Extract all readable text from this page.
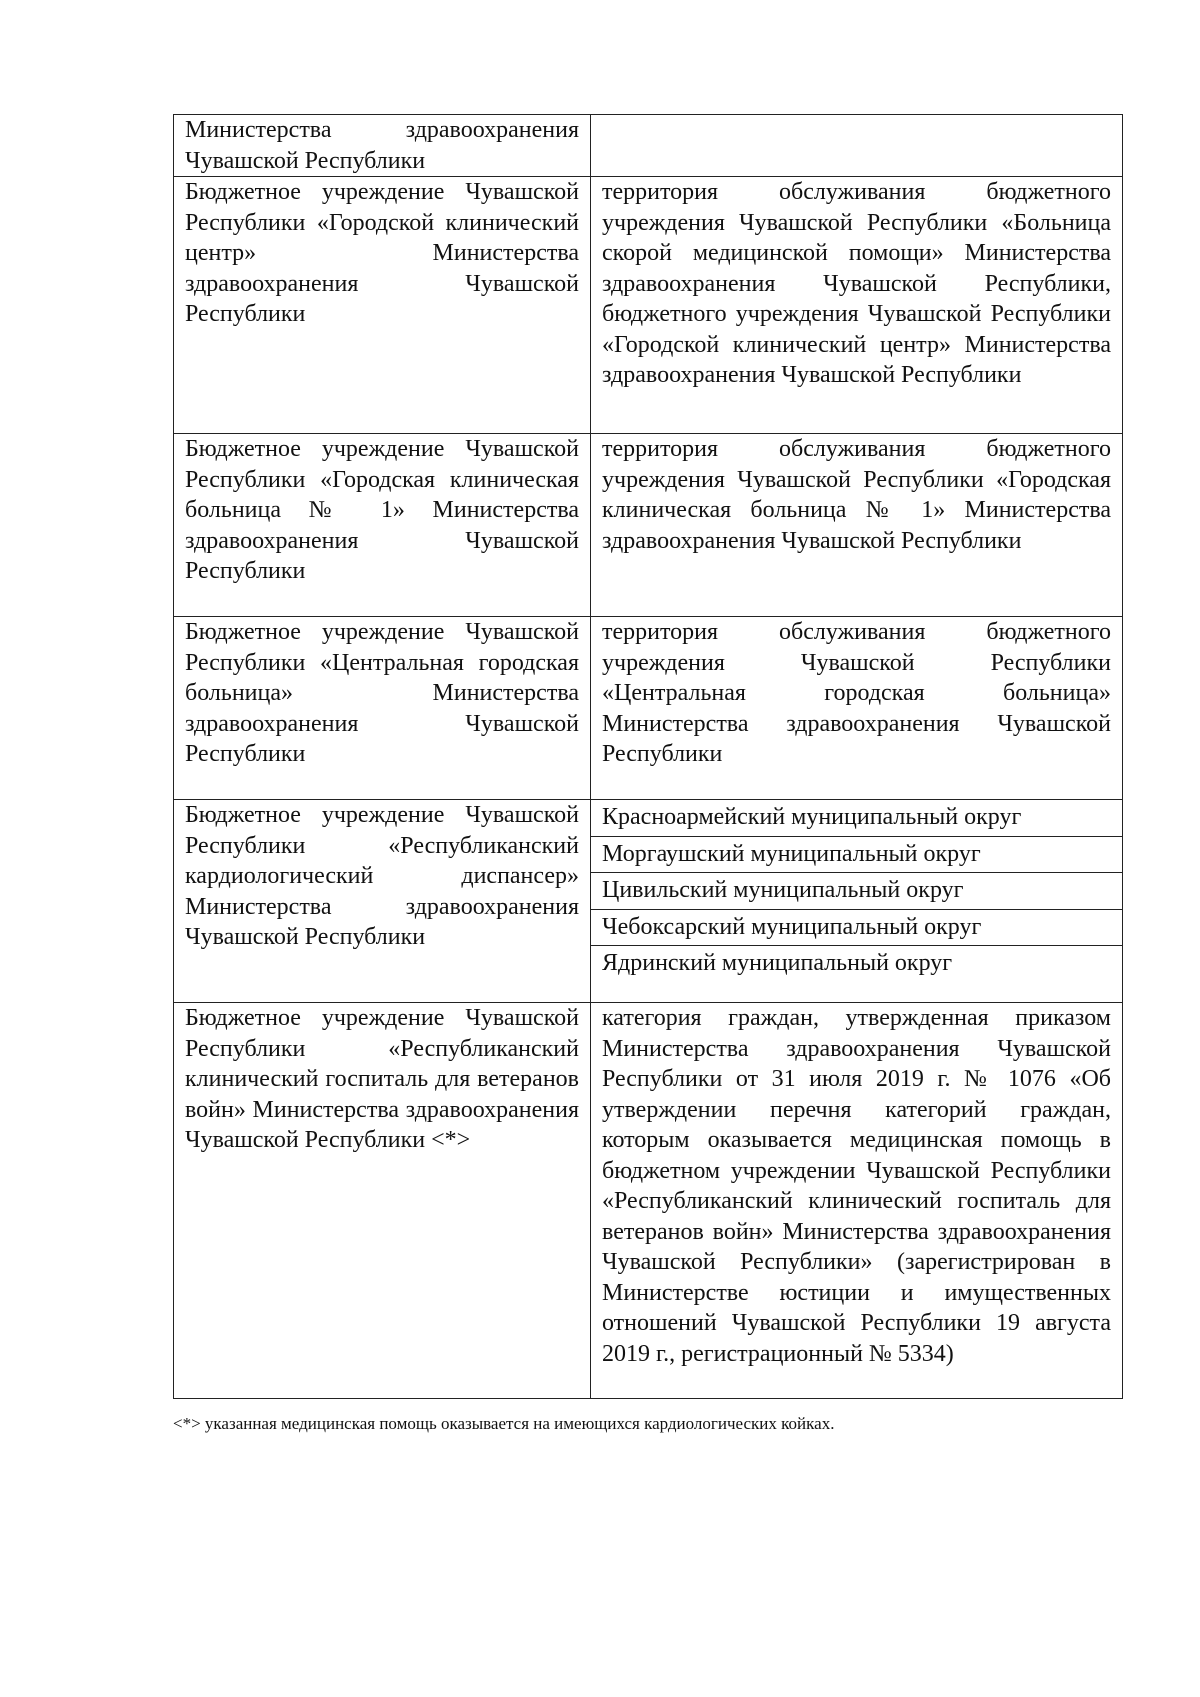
Министерства здравоохранения Чувашской Республики	
Бюджетное учреждение Чувашской Республики «Городской клинический центр» Министерства здравоохранения Чувашской Республики	территория обслуживания бюджетного учреждения Чувашской Республики «Больница скорой медицинской помощи» Министерства здравоохранения Чувашской Республики, бюджетного учреждения Чувашской Республики «Городской клинический центр» Министерства здравоохранения Чувашской Республики
Бюджетное учреждение Чувашской Республики «Городская клиническая больница № 1» Министерства здравоохранения Чувашской Республики	территория обслуживания бюджетного учреждения Чувашской Республики «Городская клиническая больница № 1» Министерства здравоохранения Чувашской Республики
Бюджетное учреждение Чувашской Республики «Центральная городская больница» Министерства здравоохранения Чувашской Республики	территория обслуживания бюджетного учреждения Чувашской Республики «Центральная городская больница» Министерства здравоохранения Чувашской Республики
Бюджетное учреждение Чувашской Республики «Республиканский кардиологический диспансер» Министерства здравоохранения Чувашской Республики	Красноармейский муниципальный округ
Моргаушский муниципальный округ
Цивильский муниципальный округ
Чебоксарский муниципальный округ
Ядринский муниципальный округ

Бюджетное учреждение Чувашской Республики «Республиканский клинический госпиталь для ветеранов войн» Министерства здравоохранения Чувашской Республики <*>	категория граждан, утвержденная приказом Министерства здравоохранения Чувашской Республики от 31 июля 2019 г. № 1076 «Об утверждении перечня категорий граждан, которым оказывается медицинская помощь в бюджетном учреждении Чувашской Республики «Республиканский клинический госпиталь для ветеранов войн» Министерства здравоохранения Чувашской Республики» (зарегистрирован в Министерстве юстиции и имущественных отношений Чувашской Республики 19 августа 2019 г., регистрационный № 5334)
<*> указанная медицинская помощь оказывается на имеющихся кардиологических койках.
